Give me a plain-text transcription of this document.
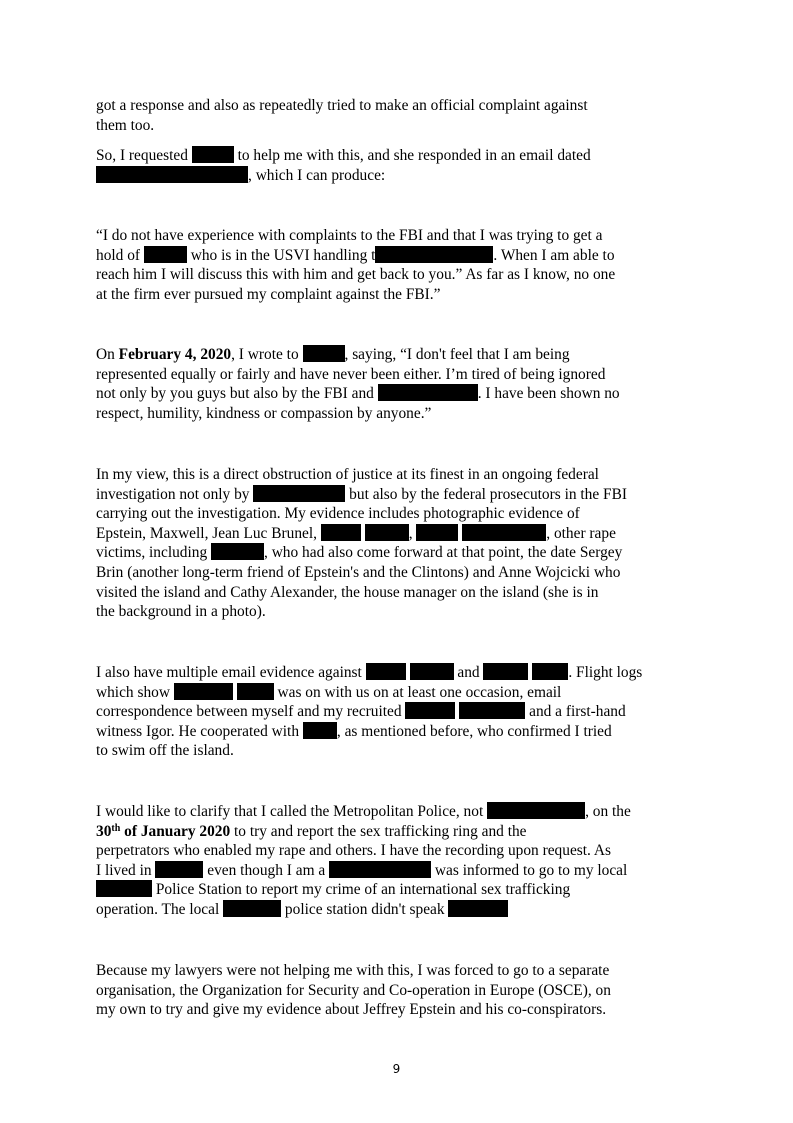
got a response and also as repeatedly tried to make an official complaint against
them too.

So, I requested	to help me with this, and she responded in an email dated
, which I can produce:

“I do not have experience with complaints to the FBI and that I was trying to get a
hold of	who is in the USVI handling t	. When I am able to
reach him I will discuss this with him and get back to you.” As far as I know, no one
at the firm ever pursued my complaint against the FBI.”

On February 4, 2020, I wrote to	, saying, “I don't feel that I am being
represented equally or fairly and have never been either. I’m tired of being ignored
not only by you guys but also by the FBI and	. I have been shown no
respect, humility, kindness or compassion by anyone.”

In my view, this is a direct obstruction of justice at its finest in an ongoing federal
investigation not only by	but also by the federal prosecutors in the FBI
carrying out the investigation. My evidence includes photographic evidence of
Epstein, Maxwell, Jean Luc Brunel,	,	, other rape
victims, including	, who had also come forward at that point, the date Sergey
Brin (another long-term friend of Epstein's and the Clintons) and Anne Wojcicki who
visited the island and Cathy Alexander, the house manager on the island (she is in
the background in a photo).

I also have multiple email evidence against	and	. Flight logs
which show	was on with us on at least one occasion, email
correspondence between myself and my recruited	and a first-hand
witness Igor. He cooperated with , as mentioned before, who confirmed I tried
to swim off the island.

I would like to clarify that I called the Metropolitan Police, not	, on the
30th of January 2020 to try and report the sex trafficking ring and the
perpetrators who enabled my rape and others. I have the recording upon request. As
I lived in	even though I am a	was informed to go to my local
Police Station to report my crime of an international sex trafficking
operation. The local	police station didn't speak

Because my lawyers were not helping me with this, I was forced to go to a separate
organisation, the Organization for Security and Co-operation in Europe (OSCE), on
my own to try and give my evidence about Jeffrey Epstein and his co-conspirators.

9
